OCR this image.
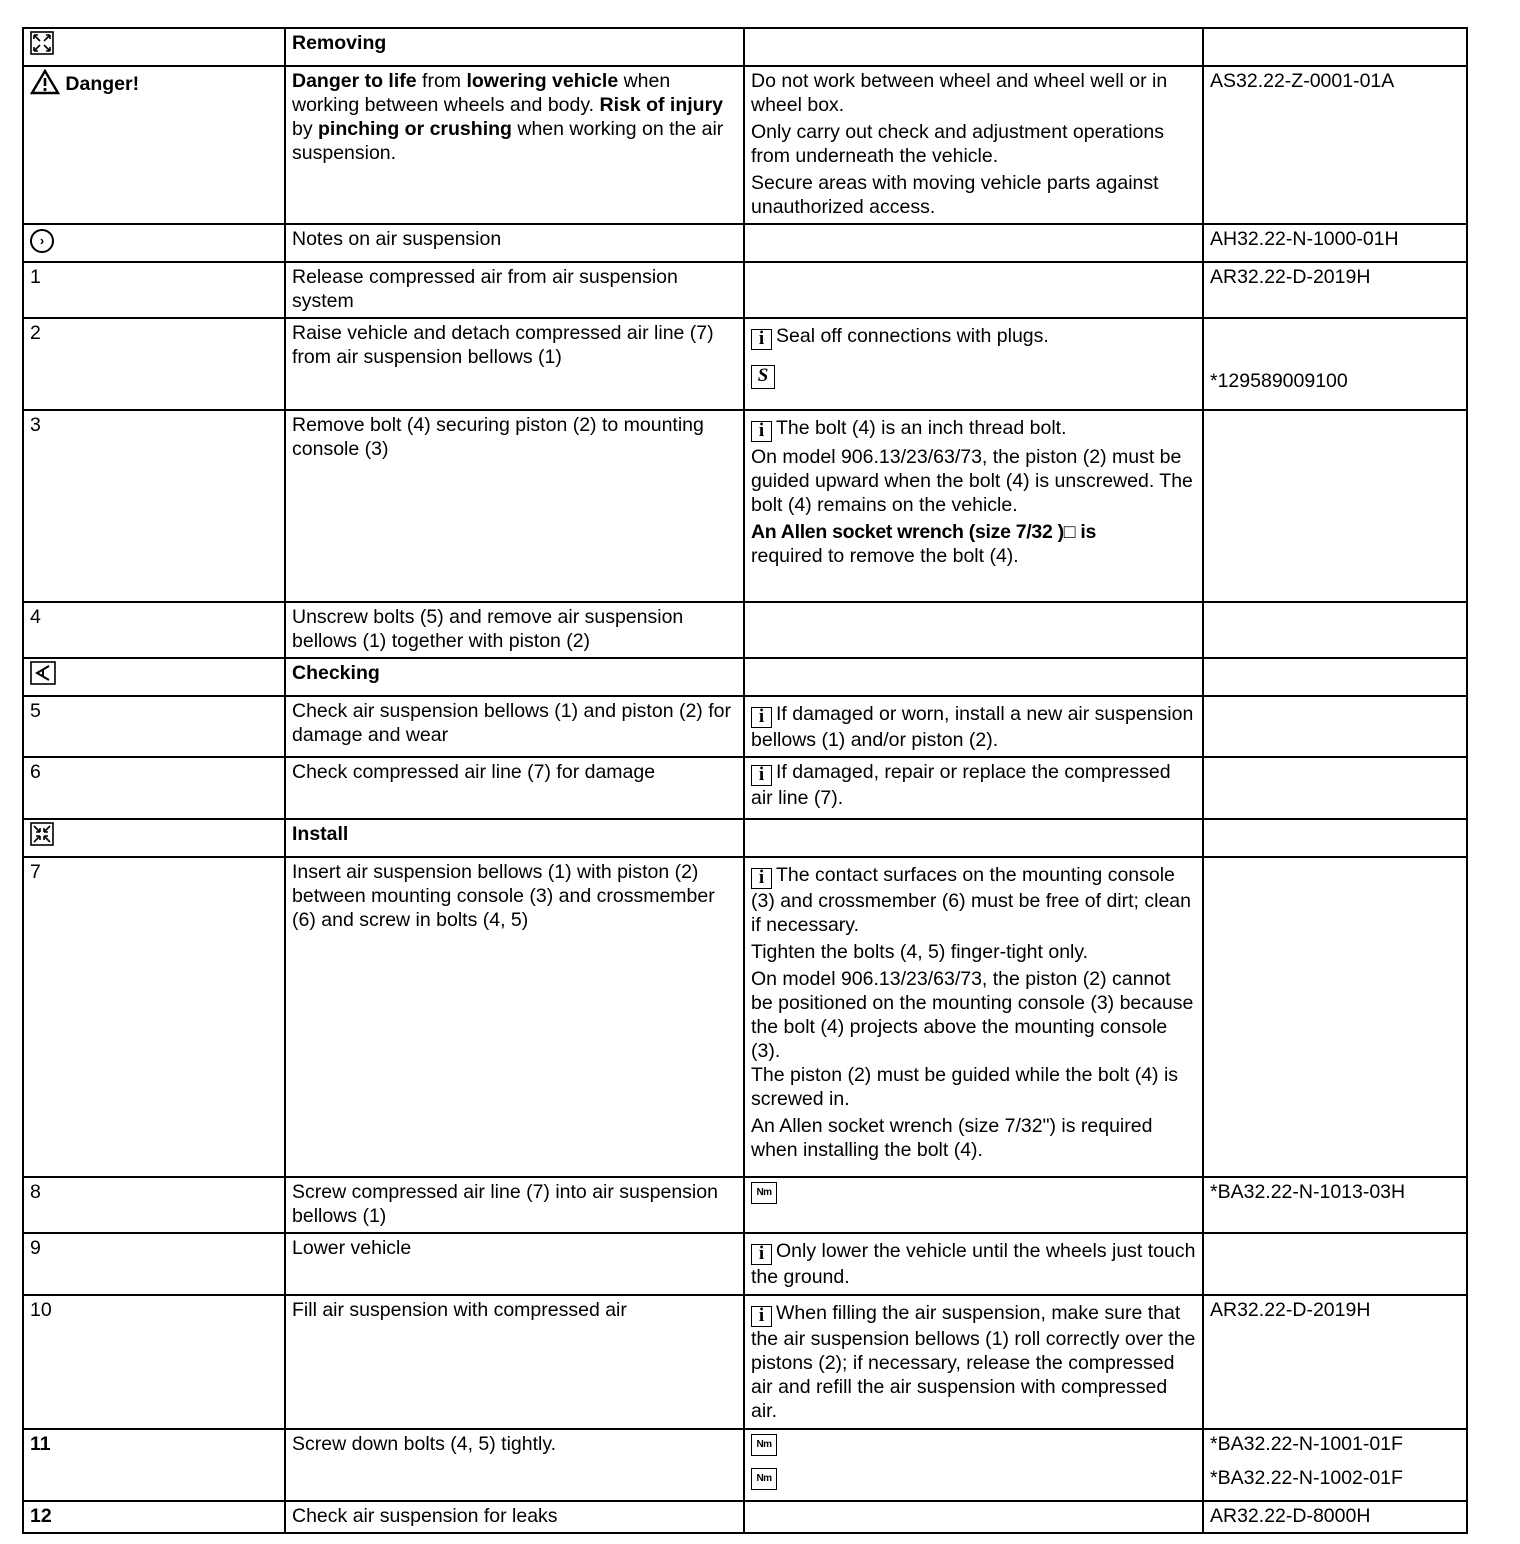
	Removing		
Danger!	Danger to life from lowering vehicle when working between wheels and body. Risk of injury by pinching or crushing when working on the air suspension.	Do not work between wheel and wheel well or in wheel box.
Only carry out check and adjustment operations from underneath the vehicle.
Secure areas with moving vehicle parts against unauthorized access.	AS32.22-Z-0001-01A
›	Notes on air suspension		AH32.22-N-1000-01H
1	Release compressed air from air suspension system		AR32.22-D-2019H
2	Raise vehicle and detach compressed air line (7) from air suspension bellows (1)	i Seal off connections with plugs.
S	*129589009100

3	Remove bolt (4) securing piston (2) to mounting console (3)	i The bolt (4) is an inch thread bolt.
On model 906.13/23/63/73, the piston (2) must be guided upward when the bolt (4) is unscrewed. The bolt (4) remains on the vehicle.
An Allen socket wrench (size 7/32 )□ is
required to remove the bolt (4).	

4	Unscrew bolts (5) and remove air suspension bellows (1) together with piston (2)		
	Checking		
5	Check air suspension bellows (1) and piston (2) for damage and wear	i If damaged or worn, install a new air suspension bellows (1) and/or piston (2).	

6	Check compressed air line (7) for damage	i If damaged, repair or replace the compressed air line (7).	

	Install		
7	Insert air suspension bellows (1) with piston (2) between mounting console (3) and crossmember (6) and screw in bolts (4, 5)	i The contact surfaces on the mounting console (3) and crossmember (6) must be free of dirt; clean if necessary.
Tighten the bolts (4, 5) finger-tight only.
On model 906.13/23/63/73, the piston (2) cannot be positioned on the mounting console (3) because the bolt (4) projects above the mounting console (3).
The piston (2) must be guided while the bolt (4) is screwed in.
An Allen socket wrench (size 7/32") is required when installing the bolt (4).	

8	Screw compressed air line (7) into air suspension bellows (1)	Nm	*BA32.22-N-1013-03H
9	Lower vehicle	i Only lower the vehicle until the wheels just touch the ground.	

10	Fill air suspension with compressed air	i When filling the air suspension, make sure that the air suspension bellows (1) roll correctly over the pistons (2); if necessary, release the compressed air and refill the air suspension with compressed air.	AR32.22-D-2019H
11	Screw down bolts (4, 5) tightly.	Nm
Nm	*BA32.22-N-1001-01F
*BA32.22-N-1002-01F

12	Check air suspension for leaks		AR32.22-D-8000H
